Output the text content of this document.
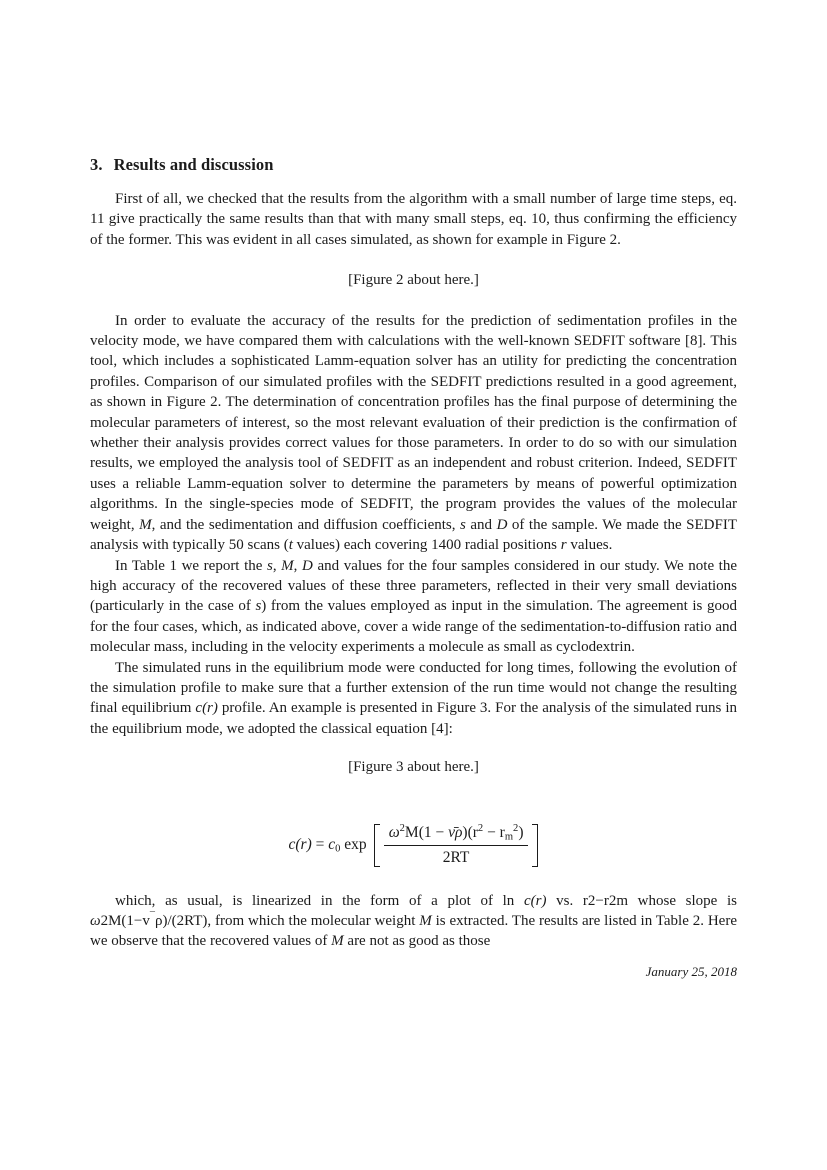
3. Results and discussion

First of all, we checked that the results from the algorithm with a small number of large time steps, eq. 11 give practically the same results than that with many small steps, eq. 10, thus confirming the efficiency of the former. This was evident in all cases simulated, as shown for example in Figure 2.

[Figure 2 about here.]

In order to evaluate the accuracy of the results for the prediction of sedimentation profiles in the velocity mode, we have compared them with calculations with the well-known SEDFIT software [8]. This tool, which includes a sophisticated Lamm-equation solver has an utility for predicting the concentration profiles. Comparison of our simulated profiles with the SEDFIT predictions resulted in a good agreement, as shown in Figure 2. The determination of concentration profiles has the final purpose of determining the molecular parameters of interest, so the most relevant evaluation of their prediction is the confirmation of whether their analysis provides correct values for those parameters. In order to do so with our simulation results, we employed the analysis tool of SEDFIT as an independent and robust criterion. Indeed, SEDFIT uses a reliable Lamm-equation solver to determine the parameters by means of powerful optimization algorithms. In the single-species mode of SEDFIT, the program provides the values of the molecular weight, M, and the sedimentation and diffusion coefficients, s and D of the sample. We made the SEDFIT analysis with typically 50 scans (t values) each covering 1400 radial positions r values.

In Table 1 we report the s, M, D and values for the four samples considered in our study. We note the high accuracy of the recovered values of these three parameters, reflected in their very small deviations (particularly in the case of s) from the values employed as input in the simulation. The agreement is good for the four cases, which, as indicated above, cover a wide range of the sedimentation-to-diffusion ratio and molecular mass, including in the velocity experiments a molecule as small as cyclodextrin.

The simulated runs in the equilibrium mode were conducted for long times, following the evolution of the simulation profile to make sure that a further extension of the run time would not change the resulting final equilibrium c(r) profile. An example is presented in Figure 3. For the analysis of the simulated runs in the equilibrium mode, we adopted the classical equation [4]:

[Figure 3 about here.]
$c(r) = c_0$ $\exp \frac{\omega^2M(1 - \nū\rho)(r^2 - r_m^2)}{2RT}$

which, as usual, is linearized in the form of a plot of ln c(r) vs. r2−r2m whose slope is ω2M(1−v¯ρ)/(2RT), from which the molecular weight M is extracted. The results are listed in Table 2. Here we observe that the recovered values of M are not as good as those

January 25, 2018
